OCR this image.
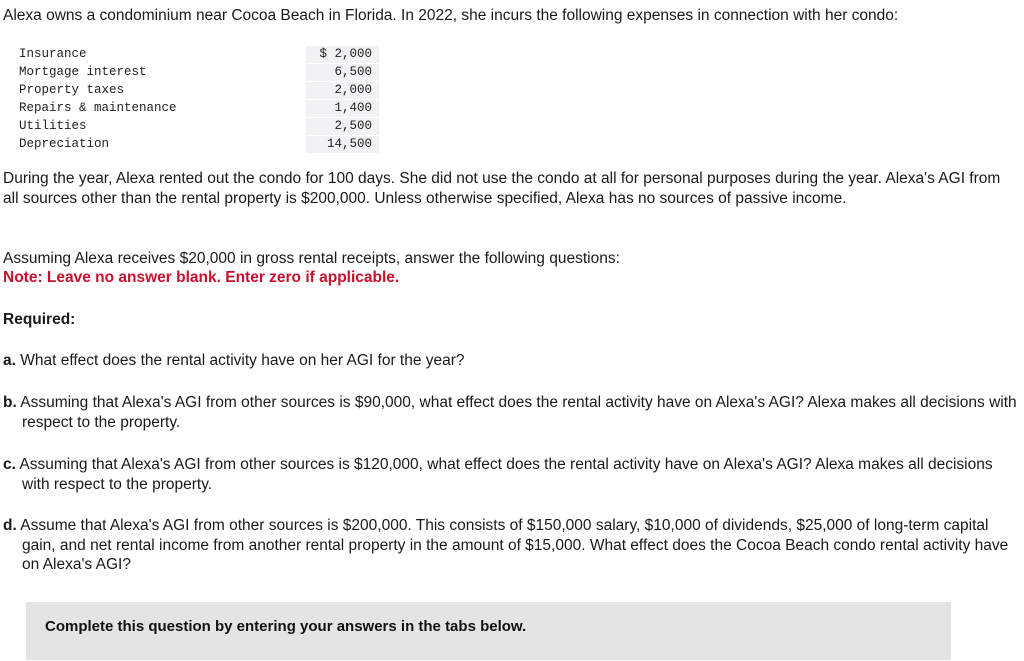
Alexa owns a condominium near Cocoa Beach in Florida. In 2022, she incurs the following expenses in connection with her condo:

Insurance	$ 2,000
Mortgage interest	6,500
Property taxes	2,000
Repairs & maintenance	1,400
Utilities	2,500
Depreciation	14,500

During the year, Alexa rented out the condo for 100 days. She did not use the condo at all for personal purposes during the year. Alexa's AGI from all sources other than the rental property is $200,000. Unless otherwise specified, Alexa has no sources of passive income.

Assuming Alexa receives $20,000 in gross rental receipts, answer the following questions:

Note: Leave no answer blank. Enter zero if applicable.

Required:

a. What effect does the rental activity have on her AGI for the year?

b. Assuming that Alexa's AGI from other sources is $90,000, what effect does the rental activity have on Alexa's AGI? Alexa makes all decisions with respect to the property.

c. Assuming that Alexa's AGI from other sources is $120,000, what effect does the rental activity have on Alexa's AGI? Alexa makes all decisions with respect to the property.

d. Assume that Alexa's AGI from other sources is $200,000. This consists of $150,000 salary, $10,000 of dividends, $25,000 of long-term capital gain, and net rental income from another rental property in the amount of $15,000. What effect does the Cocoa Beach condo rental activity have on Alexa's AGI?

Complete this question by entering your answers in the tabs below.
